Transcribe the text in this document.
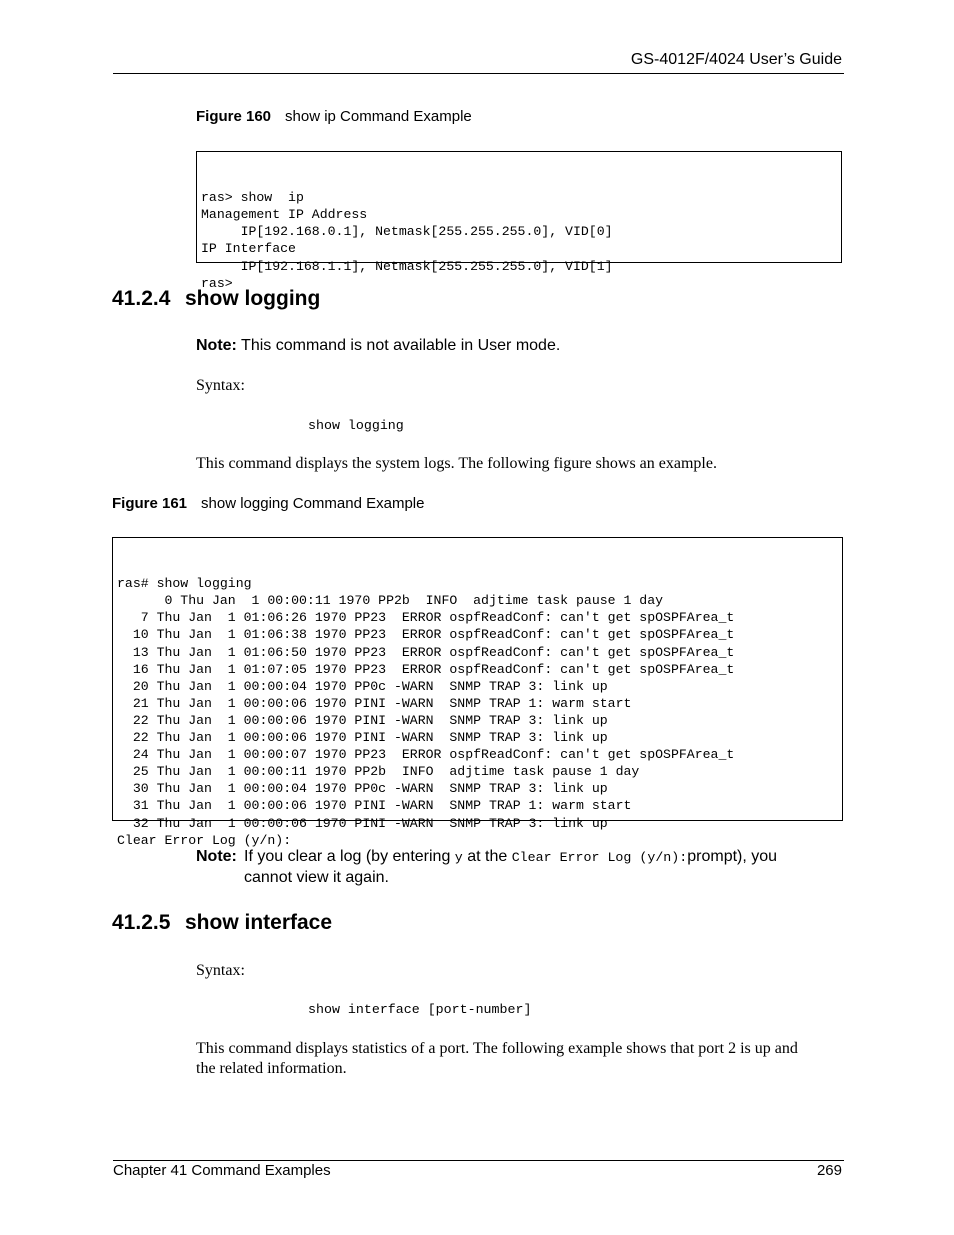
GS-4012F/4024 User’s Guide
Figure 160 show ip Command Example

ras> show  ip
Management IP Address
IP[192.168.0.1], Netmask[255.255.255.0], VID[0]
IP Interface
IP[192.168.1.1], Netmask[255.255.255.0], VID[1]
ras>

41.2.4 show logging
Note: This command is not available in User mode.
Syntax:
show logging
This command displays the system logs. The following figure shows an example.
Figure 161 show logging Command Example

ras# show logging
0 Thu Jan  1 00:00:11 1970 PP2b  INFO  adjtime task pause 1 day
7 Thu Jan  1 01:06:26 1970 PP23  ERROR ospfReadConf: can't get spOSPFArea_t
10 Thu Jan  1 01:06:38 1970 PP23  ERROR ospfReadConf: can't get spOSPFArea_t
13 Thu Jan  1 01:06:50 1970 PP23  ERROR ospfReadConf: can't get spOSPFArea_t
16 Thu Jan  1 01:07:05 1970 PP23  ERROR ospfReadConf: can't get spOSPFArea_t
20 Thu Jan  1 00:00:04 1970 PP0c -WARN  SNMP TRAP 3: link up
21 Thu Jan  1 00:00:06 1970 PINI -WARN  SNMP TRAP 1: warm start
22 Thu Jan  1 00:00:06 1970 PINI -WARN  SNMP TRAP 3: link up
22 Thu Jan  1 00:00:06 1970 PINI -WARN  SNMP TRAP 3: link up
24 Thu Jan  1 00:00:07 1970 PP23  ERROR ospfReadConf: can't get spOSPFArea_t
25 Thu Jan  1 00:00:11 1970 PP2b  INFO  adjtime task pause 1 day
30 Thu Jan  1 00:00:04 1970 PP0c -WARN  SNMP TRAP 3: link up
31 Thu Jan  1 00:00:06 1970 PINI -WARN  SNMP TRAP 1: warm start
32 Thu Jan  1 00:00:06 1970 PINI -WARN  SNMP TRAP 3: link up
Clear Error Log (y/n):

Note: If you clear a log (by entering y at the Clear Error Log (y/n):prompt), you
cannot view it again.
41.2.5 show interface
Syntax:
show interface [port-number]
This command displays statistics of a port. The following example shows that port 2 is up and
the related information.
Chapter 41 Command Examples	269
